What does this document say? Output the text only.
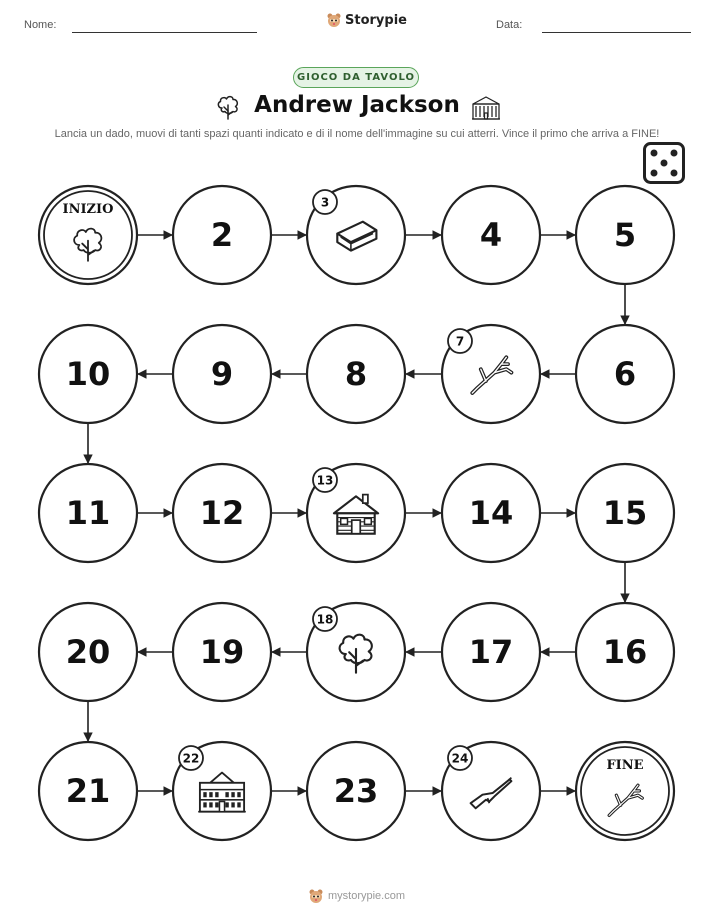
Nome:	Storypie	Data:
GIOCO DA TAVOLO
Andrew Jackson
Lancia un dado, muovi di tanti spazi quanti indicato e di il nome dell'immagine su cui atterri. Vince il primo che arriva a FINE!
INIZIO
2
3
4	5
6
7
8
9
10
11	12
13
14	15
16
17
18
19
20
21
22
23
24	FINE
mystorypie.com
